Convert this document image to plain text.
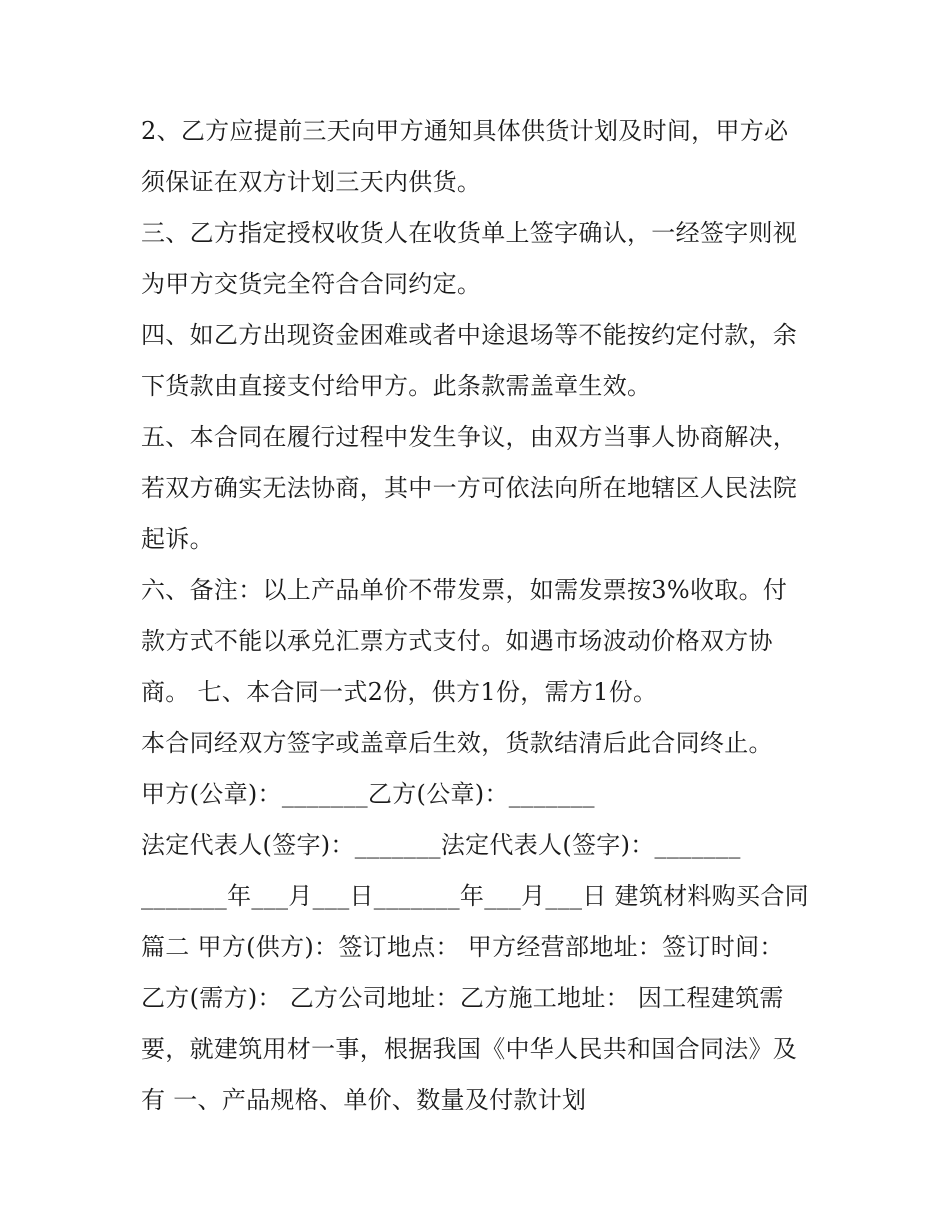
2、乙方应提前三天向甲方通知具体供货计划及时间，甲方必
须保证在双方计划三天内供货。
三、乙方指定授权收货人在收货单上签字确认，一经签字则视
为甲方交货完全符合合同约定。
四、如乙方出现资金困难或者中途退场等不能按约定付款，余
下货款由直接支付给甲方。此条款需盖章生效。
五、本合同在履行过程中发生争议，由双方当事人协商解决，
若双方确实无法协商，其中一方可依法向所在地辖区人民法院
起诉。
六、备注：以上产品单价不带发票，如需发票按3%收取。付
款方式不能以承兑汇票方式支付。如遇市场波动价格双方协
商。 七、本合同一式2份，供方1份，需方1份。
本合同经双方签字或盖章后生效，货款结清后此合同终止。
甲方(公章)：_______乙方(公章)：_______
法定代表人(签字)：_______法定代表人(签字)：_______
_______年___月___日_______年___月___日 建筑材料购买合同
篇二 甲方(供方)：签订地点： 甲方经营部地址：签订时间：
乙方(需方)： 乙方公司地址：乙方施工地址： 因工程建筑需
要，就建筑用材一事，根据我国《中华人民共和国合同法》及
有 一、产品规格、单价、数量及付款计划
